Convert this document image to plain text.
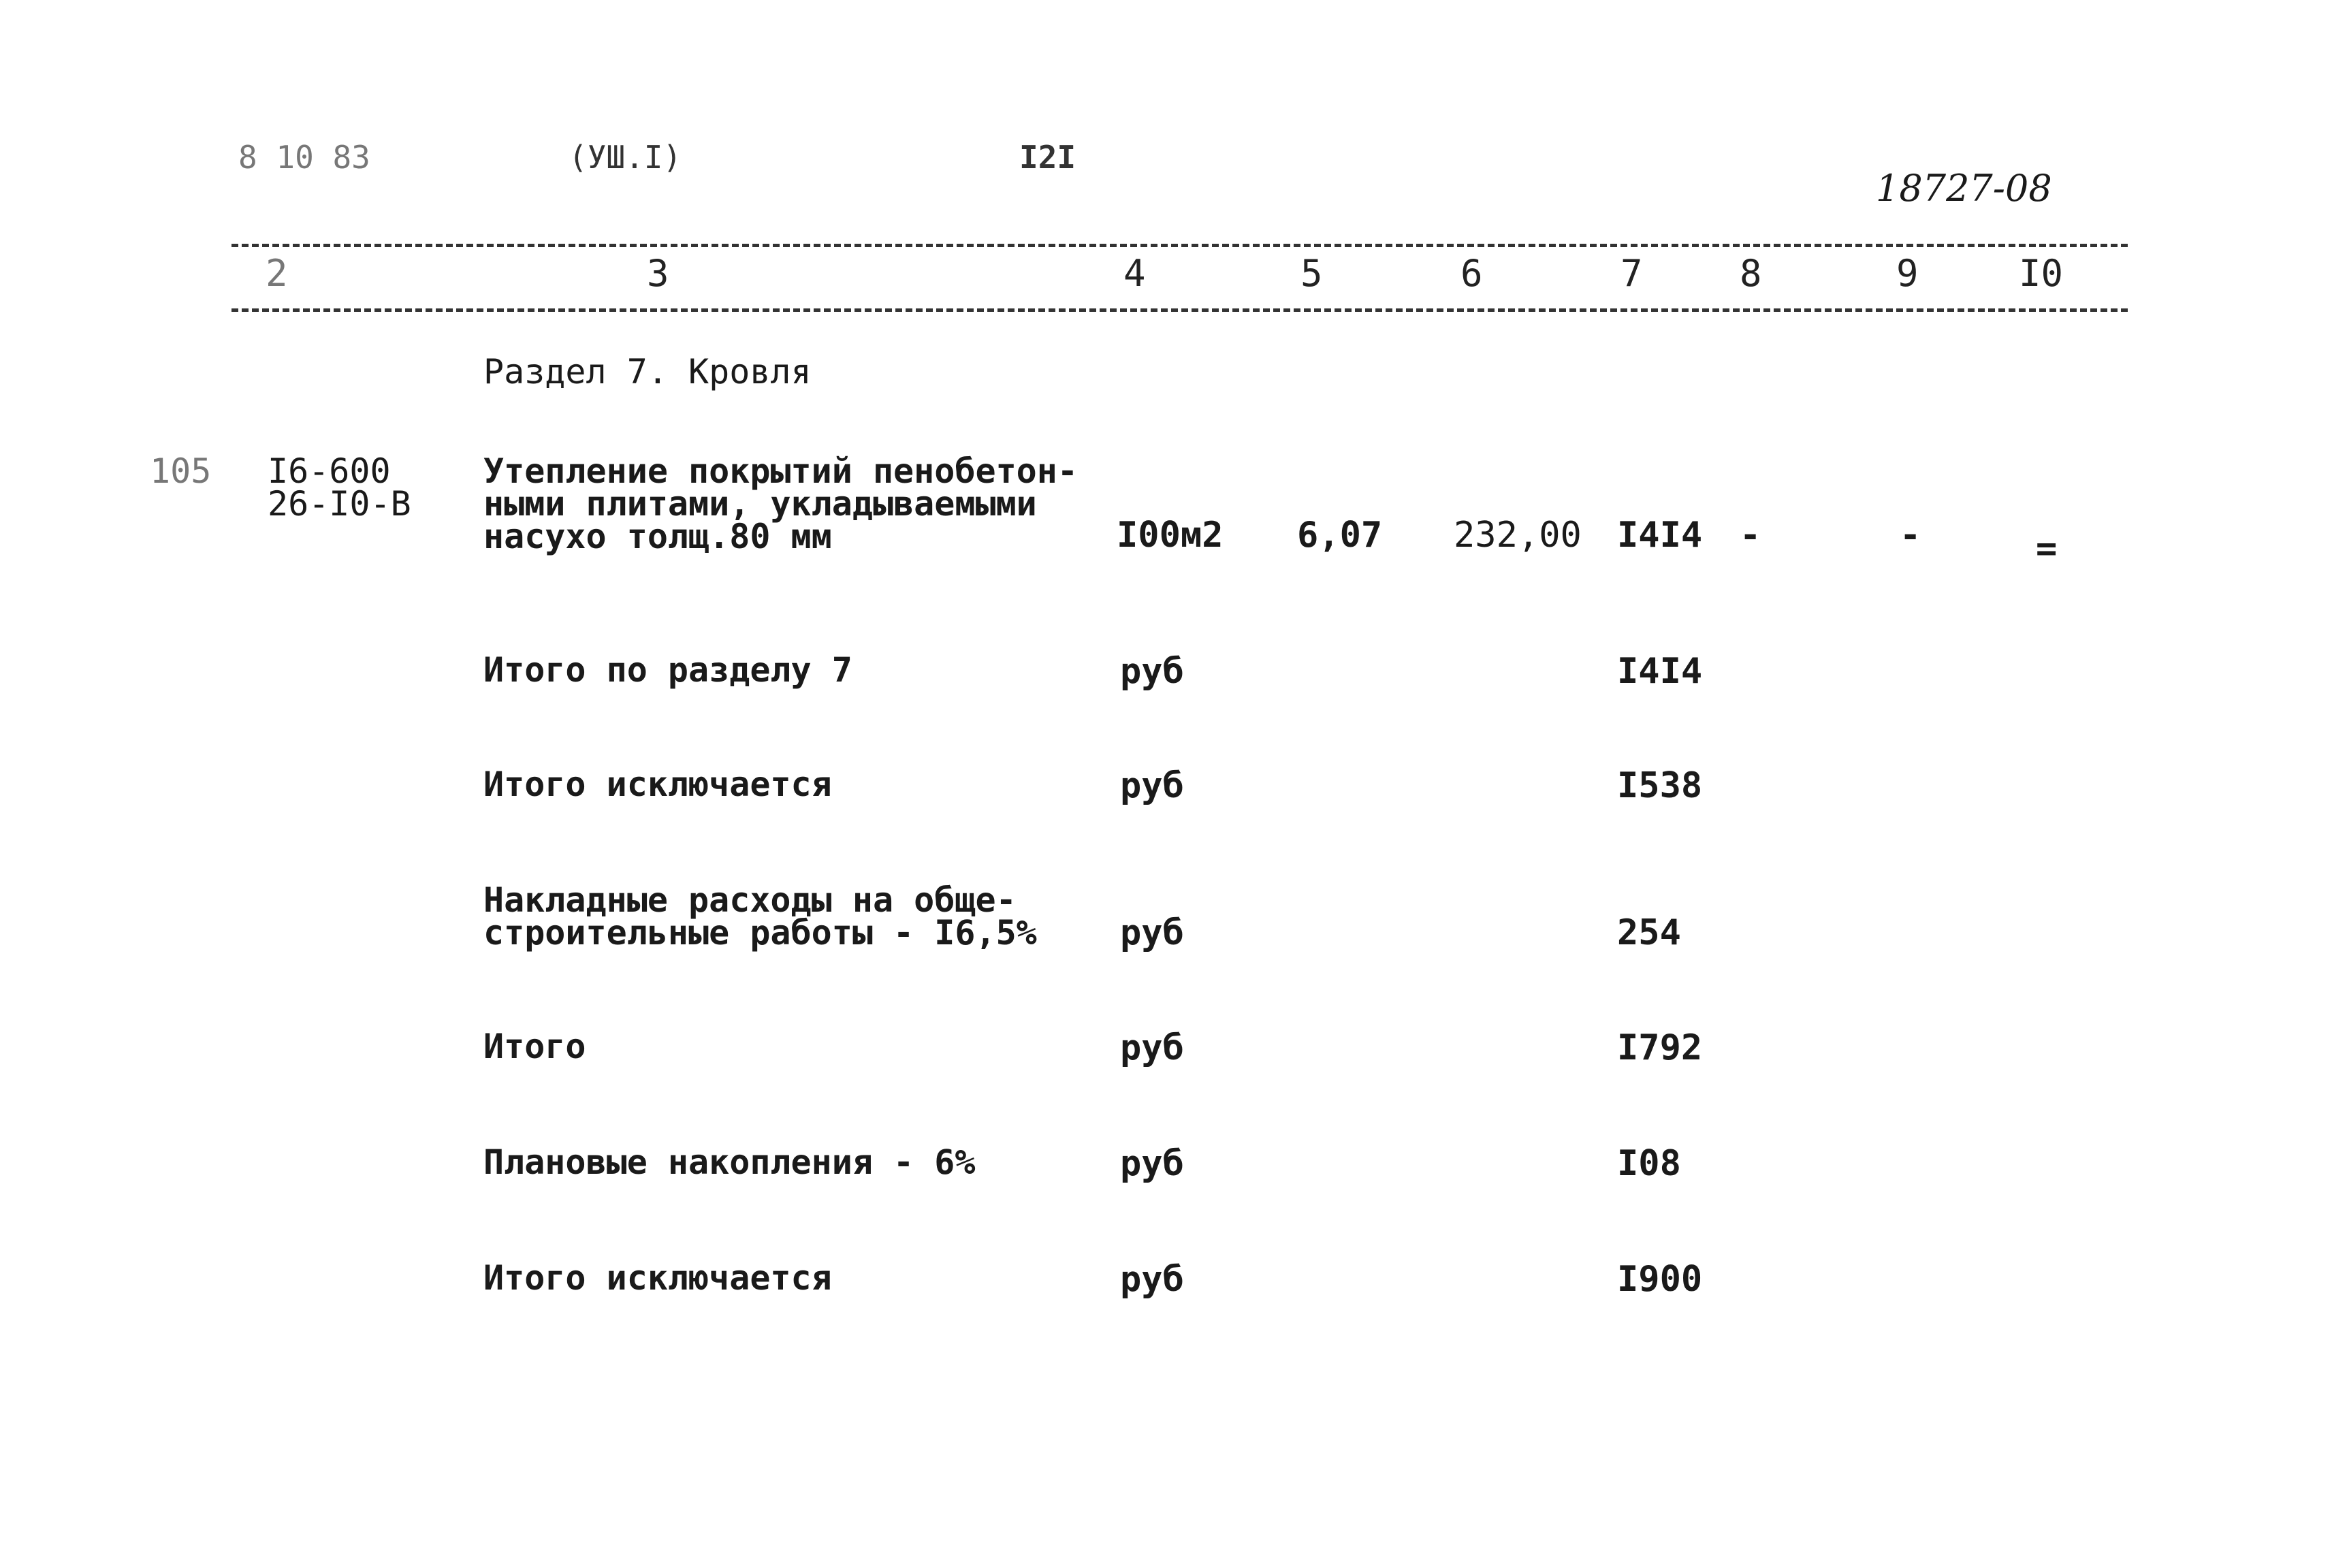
8 10 83	(УШ.I)	I2I
18727-08
2	3	4	5	6	7	8	9	I0
Раздел 7. Кровля
105 I6-600
26-I0-B
Утепление покрытий пенобетон-
ными плитами, укладываемыми
насухо толщ.80 мм	I00м2 6,07 232,00 I4I4 -	-	=
Итого по разделу 7	руб	I4I4
Итого исключается	руб	I538
Накладные расходы на обще-
строительные работы - I6,5% руб	254
Итого	руб	I792
Плановые накопления - 6%	руб	I08
Итого исключается	руб	I900
